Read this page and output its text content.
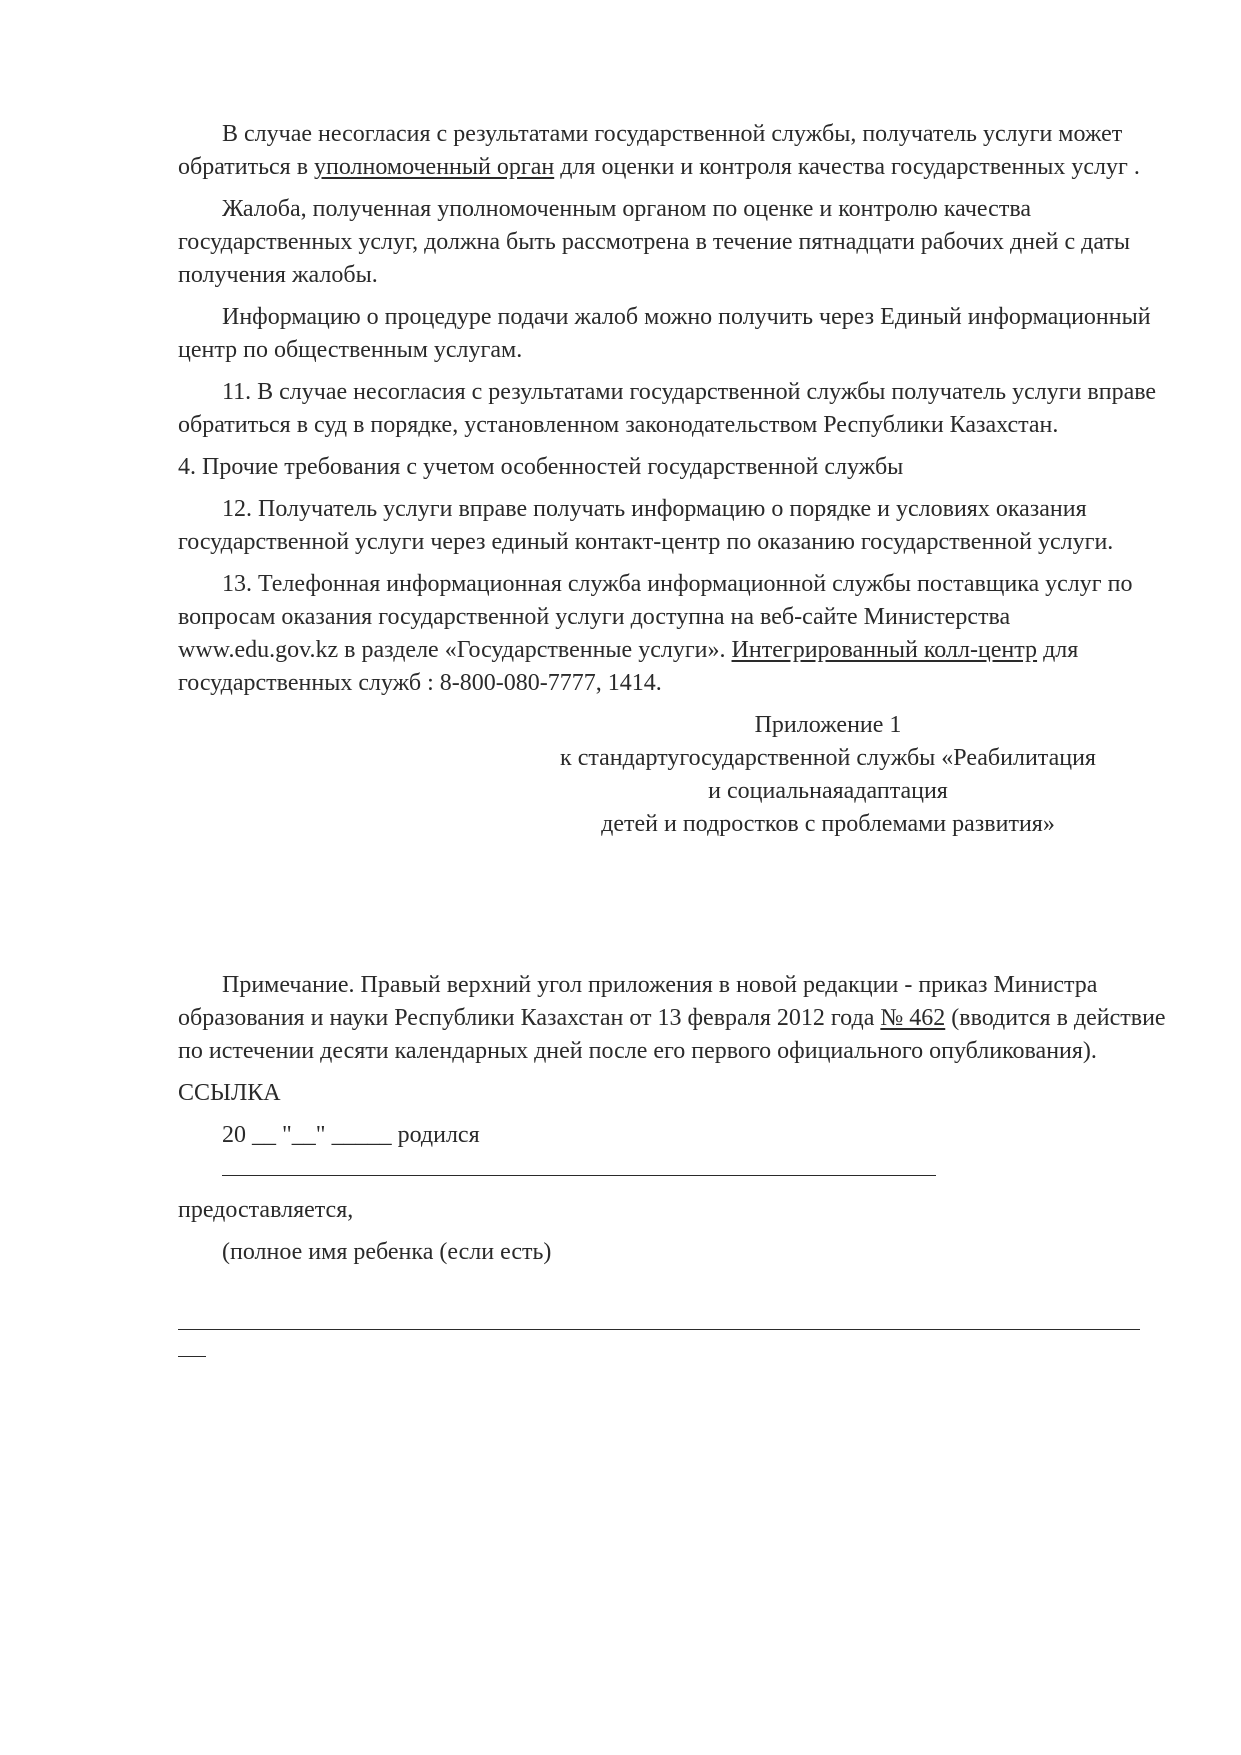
В случае несогласия с результатами государственной службы, получатель услуги может обратиться в уполномоченный орган для оценки и контроля качества государственных услуг .

Жалоба, полученная уполномоченным органом по оценке и контролю качества государственных услуг, должна быть рассмотрена в течение пятнадцати рабочих дней с даты получения жалобы.

Информацию о процедуре подачи жалоб можно получить через Единый информационный центр по общественным услугам.

11. В случае несогласия с результатами государственной службы получатель услуги вправе обратиться в суд в порядке, установленном законодательством Республики Казахстан.

4. Прочие требования с учетом особенностей государственной службы

12. Получатель услуги вправе получать информацию о порядке и условиях оказания государственной услуги через единый контакт-центр по оказанию государственной услуги.

13. Телефонная информационная служба информационной службы поставщика услуг по вопросам оказания государственной услуги доступна на веб-сайте Министерства www.edu.gov.kz в разделе «Государственные услуги». Интегрированный колл-центр для государственных служб : 8-800-080-7777, 1414.

Приложение 1
к стандартугосударственной службы «Реабилитация
и социальнаяадаптация
детей и подростков с проблемами развития»

Примечание. Правый верхний угол приложения в новой редакции - приказ Министра образования и науки Республики Казахстан от 13 февраля 2012 года № 462 (вводится в действие по истечении десяти календарных дней после его первого официального опубликования).

ССЫЛКА

20 __ "__" _____ родился

предоставляется,

(полное имя ребенка (если есть)
